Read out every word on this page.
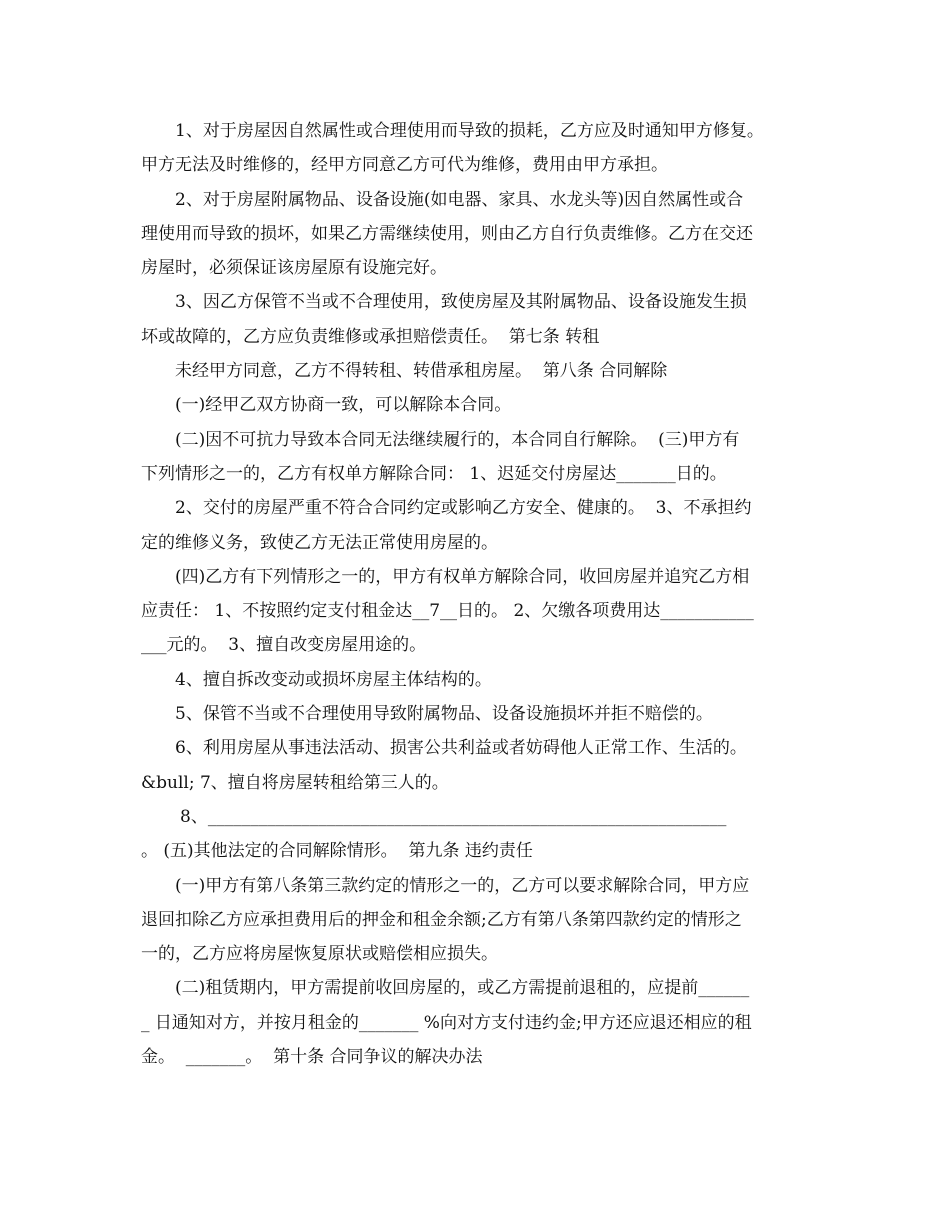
1、对于房屋因自然属性或合理使用而导致的损耗，乙方应及时通知甲方修复。
甲方无法及时维修的，经甲方同意乙方可代为维修，费用由甲方承担。
2、对于房屋附属物品、设备设施(如电器、家具、水龙头等)因自然属性或合
理使用而导致的损坏，如果乙方需继续使用，则由乙方自行负责维修。乙方在交还
房屋时，必须保证该房屋原有设施完好。
3、因乙方保管不当或不合理使用，致使房屋及其附属物品、设备设施发生损
坏或故障的，乙方应负责维修或承担赔偿责任。  第七条 转租
未经甲方同意，乙方不得转租、转借承租房屋。  第八条 合同解除
(一)经甲乙双方协商一致，可以解除本合同。
(二)因不可抗力导致本合同无法继续履行的，本合同自行解除。  (三)甲方有
下列情形之一的，乙方有权单方解除合同： 1、迟延交付房屋达_______日的。
2、交付的房屋严重不符合合同约定或影响乙方安全、健康的。  3、不承担约
定的维修义务，致使乙方无法正常使用房屋的。
(四)乙方有下列情形之一的，甲方有权单方解除合同，收回房屋并追究乙方相
应责任： 1、不按照约定支付租金达__7__日的。 2、欠缴各项费用达___________
___元的。  3、擅自改变房屋用途的。
4、擅自拆改变动或损坏房屋主体结构的。
5、保管不当或不合理使用导致附属物品、设备设施损坏并拒不赔偿的。
6、利用房屋从事违法活动、损害公共利益或者妨碍他人正常工作、生活的。
&bull; 7、擅自将房屋转租给第三人的。
8、_____________________________________________________________
。 (五)其他法定的合同解除情形。  第九条 违约责任
(一)甲方有第八条第三款约定的情形之一的，乙方可以要求解除合同，甲方应
退回扣除乙方应承担费用后的押金和租金余额;乙方有第八条第四款约定的情形之
一的，乙方应将房屋恢复原状或赔偿相应损失。
(二)租赁期内，甲方需提前收回房屋的，或乙方需提前退租的，应提前______
_ 日通知对方，并按月租金的_______ %向对方支付违约金;甲方还应退还相应的租
金。  _______。  第十条 合同争议的解决办法
